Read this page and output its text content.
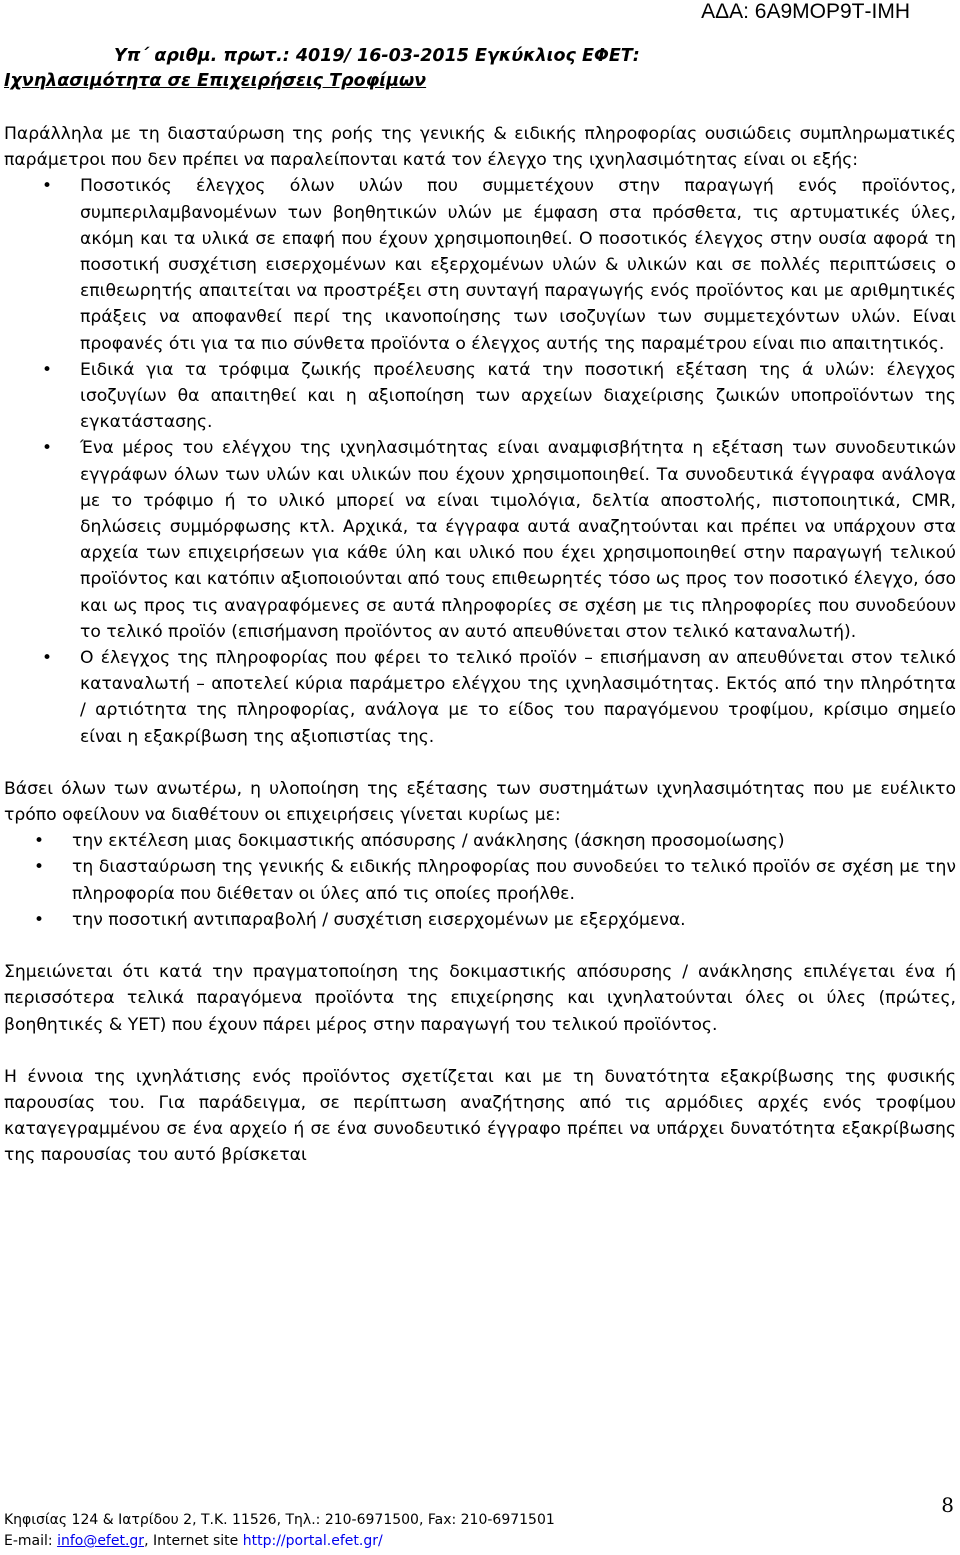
ΑΔΑ: 6Α9ΜΟΡ9Τ-ΙΜΗ
Υπ΄ αριθμ. πρωτ.: 4019/ 16-03-2015 Εγκύκλιος ΕΦΕΤ:
Ιχνηλασιμότητα σε Επιχειρήσεις Τροφίμων

Παράλληλα με τη διασταύρωση της ροής της γενικής & ειδικής πληροφορίας ουσιώδεις συμπληρωματικές παράμετροι που δεν πρέπει να παραλείπονται κατά τον έλεγχο της ιχνηλασιμότητας είναι οι εξής:

• Ποσοτικός έλεγχος όλων υλών που συμμετέχουν στην παραγωγή ενός προϊόντος, συμπεριλαμβανομένων των βοηθητικών υλών με έμφαση στα πρόσθετα, τις αρτυματικές ύλες, ακόμη και τα υλικά σε επαφή που έχουν χρησιμοποιηθεί. Ο ποσοτικός έλεγχος στην ουσία αφορά τη ποσοτική συσχέτιση εισερχομένων και εξερχομένων υλών & υλικών και σε πολλές περιπτώσεις ο επιθεωρητής απαιτείται να προστρέξει στη συνταγή παραγωγής ενός προϊόντος και με αριθμητικές πράξεις να αποφανθεί περί της ικανοποίησης των ισοζυγίων των συμμετεχόντων υλών. Είναι προφανές ότι για τα πιο σύνθετα προϊόντα ο έλεγχος αυτής της παραμέτρου είναι πιο απαιτητικός.
• Ειδικά για τα τρόφιμα ζωικής προέλευσης κατά την ποσοτική εξέταση της ά υλών: έλεγχος ισοζυγίων θα απαιτηθεί και η αξιοποίηση των αρχείων διαχείρισης ζωικών υποπροϊόντων της εγκατάστασης.
• Ένα μέρος του ελέγχου της ιχνηλασιμότητας είναι αναμφισβήτητα η εξέταση των συνοδευτικών εγγράφων όλων των υλών και υλικών που έχουν χρησιμοποιηθεί. Τα συνοδευτικά έγγραφα ανάλογα με το τρόφιμο ή το υλικό μπορεί να είναι τιμολόγια, δελτία αποστολής, πιστοποιητικά, CMR, δηλώσεις συμμόρφωσης κτλ. Αρχικά, τα έγγραφα αυτά αναζητούνται και πρέπει να υπάρχουν στα αρχεία των επιχειρήσεων για κάθε ύλη και υλικό που έχει χρησιμοποιηθεί στην παραγωγή τελικού προϊόντος και κατόπιν αξιοποιούνται από τους επιθεωρητές τόσο ως προς τον ποσοτικό έλεγχο, όσο και ως προς τις αναγραφόμενες σε αυτά πληροφορίες σε σχέση με τις πληροφορίες που συνοδεύουν το τελικό προϊόν (επισήμανση προϊόντος αν αυτό απευθύνεται στον τελικό καταναλωτή).
• Ο έλεγχος της πληροφορίας που φέρει το τελικό προϊόν – επισήμανση αν απευθύνεται στον τελικό καταναλωτή – αποτελεί κύρια παράμετρο ελέγχου της ιχνηλασιμότητας. Εκτός από την πληρότητα / αρτιότητα της πληροφορίας, ανάλογα με το είδος του παραγόμενου τροφίμου, κρίσιμο σημείο είναι η εξακρίβωση της αξιοπιστίας της.

Βάσει όλων των ανωτέρω, η υλοποίηση της εξέτασης των συστημάτων ιχνηλασιμότητας που με ευέλικτο τρόπο οφείλουν να διαθέτουν οι επιχειρήσεις γίνεται κυρίως με:

• την εκτέλεση μιας δοκιμαστικής απόσυρσης / ανάκλησης (άσκηση προσομοίωσης)
• τη διασταύρωση της γενικής & ειδικής πληροφορίας που συνοδεύει το τελικό προϊόν σε σχέση με την πληροφορία που διέθεταν οι ύλες από τις οποίες προήλθε.
• την ποσοτική αντιπαραβολή / συσχέτιση εισερχομένων με εξερχόμενα.

Σημειώνεται ότι κατά την πραγματοποίηση της δοκιμαστικής απόσυρσης / ανάκλησης επιλέγεται ένα ή περισσότερα τελικά παραγόμενα προϊόντα της επιχείρησης και ιχνηλατούνται όλες οι ύλες (πρώτες, βοηθητικές & ΥΕΤ) που έχουν πάρει μέρος στην παραγωγή του τελικού προϊόντος.

Η έννοια της ιχνηλάτισης ενός προϊόντος σχετίζεται και με τη δυνατότητα εξακρίβωσης της φυσικής παρουσίας του. Για παράδειγμα, σε περίπτωση αναζήτησης από τις αρμόδιες αρχές ενός τροφίμου καταγεγραμμένου σε ένα αρχείο ή σε ένα συνοδευτικό έγγραφο πρέπει να υπάρχει δυνατότητα εξακρίβωσης της παρουσίας του αυτό βρίσκεται

8
Κηφισίας 124 & Ιατρίδου 2, Τ.Κ. 11526, Τηλ.: 210-6971500, Fax: 210-6971501
E-mail: info@efet.gr, Internet site http://portal.efet.gr/
